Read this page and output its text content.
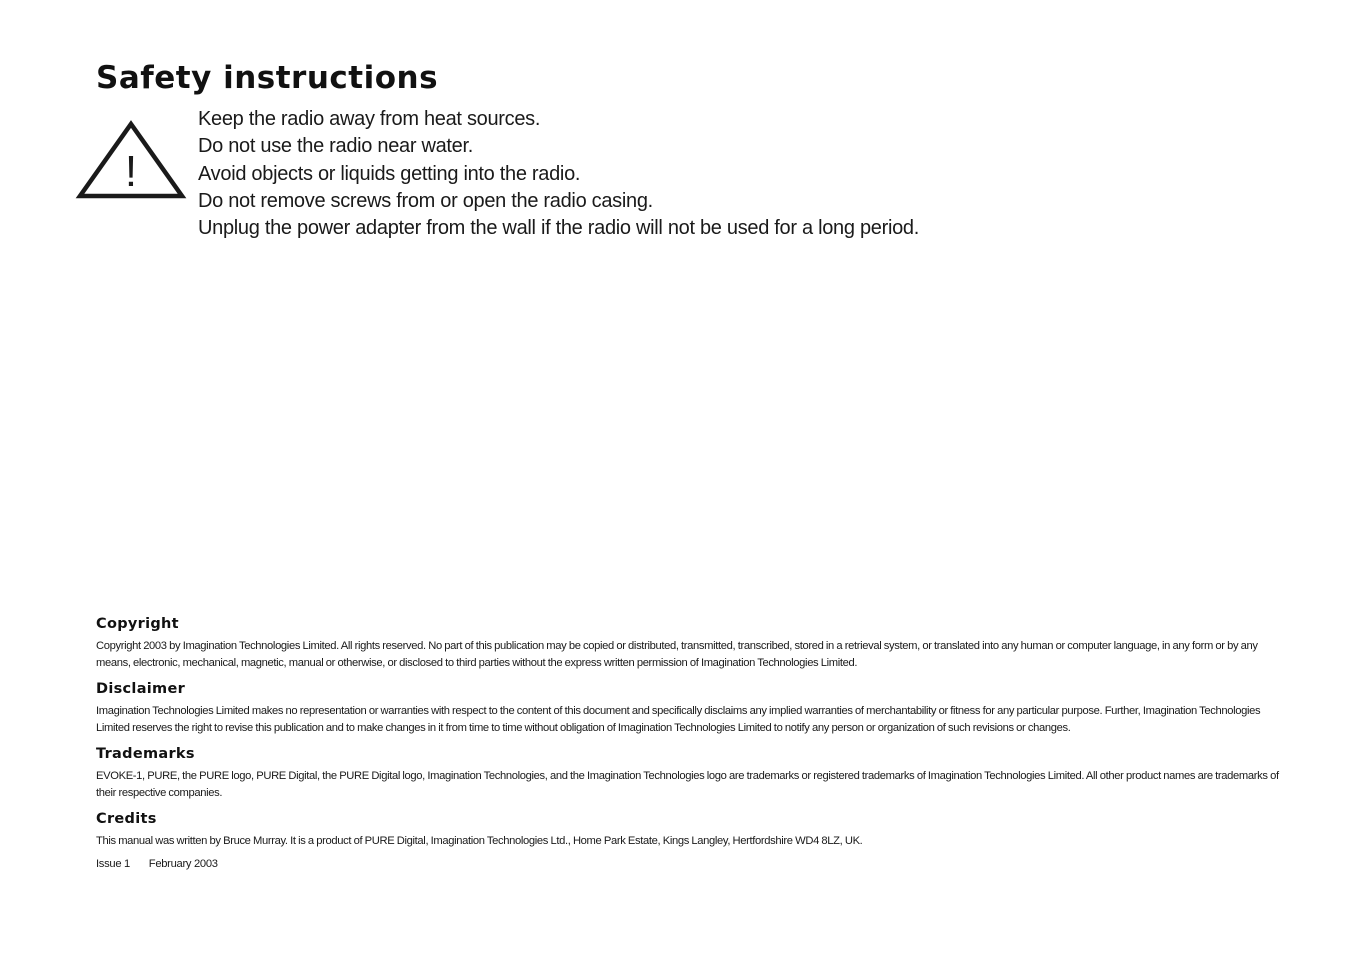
Safety instructions
!
Keep the radio away from heat sources.
Do not use the radio near water.
Avoid objects or liquids getting into the radio.
Do not remove screws from or open the radio casing.
Unplug the power adapter from the wall if the radio will not be used for a long period.
Copyright

Copyright 2003 by Imagination Technologies Limited. All rights reserved. No part of this publication may be copied or distributed, transmitted, transcribed, stored in a retrieval system, or translated into any human or computer language, in any form or by any means, electronic, mechanical, magnetic, manual or otherwise, or disclosed to third parties without the express written permission of Imagination Technologies Limited.

Disclaimer

Imagination Technologies Limited makes no representation or warranties with respect to the content of this document and specifically disclaims any implied warranties of merchantability or fitness for any particular purpose. Further, Imagination Technologies Limited reserves the right to revise this publication and to make changes in it from time to time without obligation of Imagination Technologies Limited to notify any person or organization of such revisions or changes.

Trademarks

EVOKE-1, PURE, the PURE logo, PURE Digital, the PURE Digital logo, Imagination Technologies, and the Imagination Technologies logo are trademarks or registered trademarks of Imagination Technologies Limited. All other product names are trademarks of their respective companies.

Credits

This manual was written by Bruce Murray. It is a product of PURE Digital, Imagination Technologies Ltd., Home Park Estate, Kings Langley, Hertfordshire WD4 8LZ, UK.

Issue 1 February 2003
